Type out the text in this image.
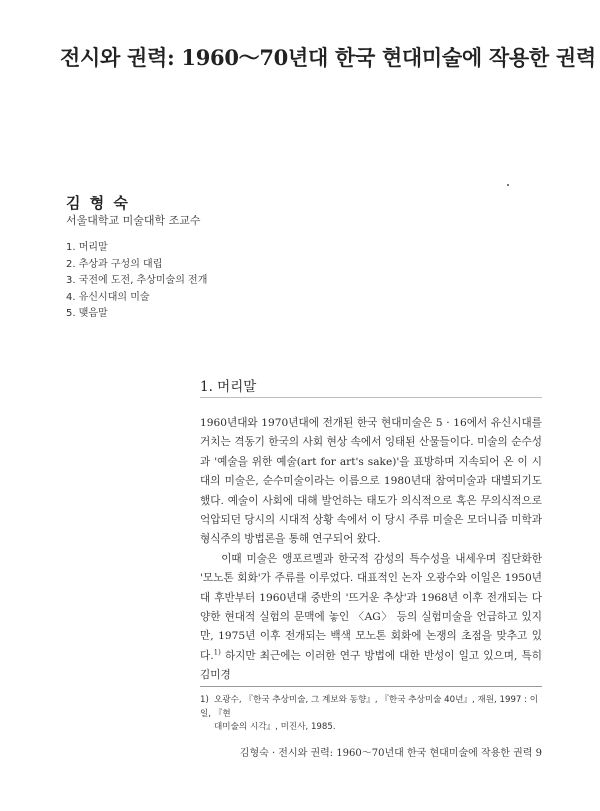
전시와 권력: 1960～70년대 한국 현대미술에 작용한 권력
김 형 숙
서울대학교 미술대학 조교수
1. 머리말
2. 추상과 구성의 대립
3. 국전에 도전, 추상미술의 전개
4. 유신시대의 미술
5. 맺음말
1. 머리말

1960년대와 1970년대에 전개된 한국 현대미술은 5 · 16에서 유신시대를 거치는 격동기 한국의 사회 현상 속에서 잉태된 산물들이다. 미술의 순수성과 '예술을 위한 예술(art for art's sake)'을 표방하며 지속되어 온 이 시대의 미술은, 순수미술이라는 이름으로 1980년대 참여미술과 대별되기도 했다. 예술이 사회에 대해 발언하는 태도가 의식적으로 혹은 무의식적으로 억압되던 당시의 시대적 상황 속에서 이 당시 주류 미술은 모더니즘 미학과 형식주의 방법론을 통해 연구되어 왔다.

이때 미술은 앵포르멜과 한국적 감성의 특수성을 내세우며 집단화한 '모노톤 회화'가 주류를 이루었다. 대표적인 논자 오광수와 이일은 1950년대 후반부터 1960년대 중반의 '뜨거운 추상'과 1968년 이후 전개되는 다양한 현대적 실험의 문맥에 놓인 〈AG〉 등의 실험미술을 언급하고 있지만, 1975년 이후 전개되는 백색 모노톤 회화에 논쟁의 초점을 맞추고 있다.$^{1)}$ 하지만 최근에는 이러한 연구 방법에 대한 반성이 일고 있으며, 특히 김미경

1) 오광수, 『한국 추상미술, 그 계보와 동향』, 『한국 추상미술 40년』, 재원, 1997 : 이일, 『현
대미술의 시각』, 미진사, 1985.
김형숙 · 전시와 권력: 1960～70년대 한국 현대미술에 작용한 권력 9
